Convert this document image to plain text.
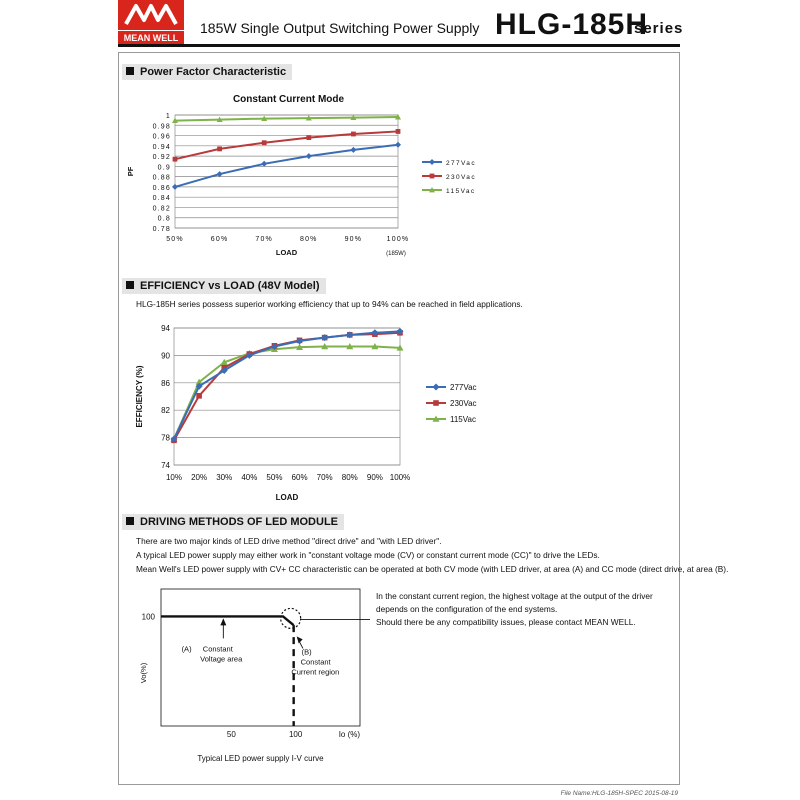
MEAN WELL
185W Single Output Switching Power Supply HLG-185H
series
Power Factor Characteristic
EFFICIENCY vs LOAD (48V Model)
HLG-185H series possess superior working efficiency that up to 94% can be reached in field applications.
DRIVING METHODS OF LED MODULE
There are two major kinds of LED drive method "direct drive" and "with LED driver".
A typical LED power supply may either work in "constant voltage mode (CV) or constant current mode (CC)" to drive the LEDs.
Mean Well's LED power supply with CV+ CC characteristic can be operated at both CV mode (with LED driver, at area (A) and CC mode (direct drive, at area (B).
In the constant current region, the highest voltage at the output of the driver
depends on the configuration of the end systems.
Should there be any compatibility issues, please contact MEAN WELL.
File Name:HLG-185H-SPEC 2015-08-19
0.78
0.8
0.82
0.84
0.86
0.88
0.9
0.92
0.94
0.96
0.98
1
50%	60%	70%	80%	90%	100%
LOAD
PF
Constant Current Mode
(185W)
277Vac
230Vac
115Vac
74
78
82
86
90
94
10% 20% 30% 40% 50% 60% 70% 80% 90% 100%
LOAD
EFFICIENCY (%)	277Vac
230Vac
115Vac
100
50	100	Io (%)
Vo(%)
(A) Constant
Voltage area
(B)
Constant
Current region
Typical LED power supply I-V curve
